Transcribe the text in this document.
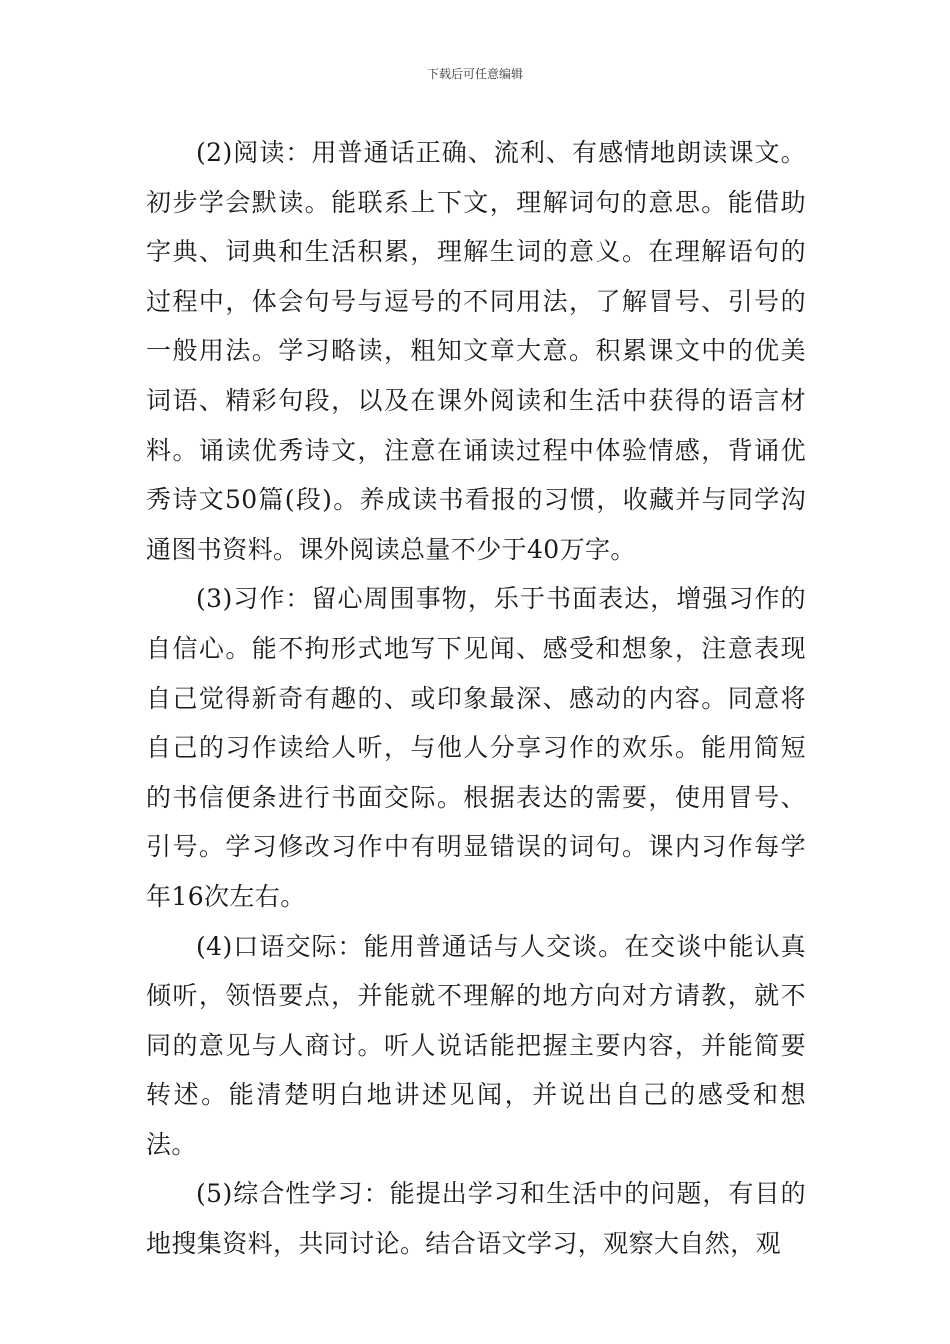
下载后可任意编辑

(2)阅读：用普通话正确、流利、有感情地朗读课文。初步学会默读。能联系上下文，理解词句的意思。能借助字典、词典和生活积累，理解生词的意义。在理解语句的过程中，体会句号与逗号的不同用法，了解冒号、引号的一般用法。学习略读，粗知文章大意。积累课文中的优美词语、精彩句段，以及在课外阅读和生活中获得的语言材料。诵读优秀诗文，注意在诵读过程中体验情感，背诵优秀诗文50篇(段)。养成读书看报的习惯，收藏并与同学沟通图书资料。课外阅读总量不少于40万字。

(3)习作：留心周围事物，乐于书面表达，增强习作的自信心。能不拘形式地写下见闻、感受和想象，注意表现自己觉得新奇有趣的、或印象最深、感动的内容。同意将自己的习作读给人听，与他人分享习作的欢乐。能用简短的书信便条进行书面交际。根据表达的需要，使用冒号、引号。学习修改习作中有明显错误的词句。课内习作每学年16次左右。

(4)口语交际：能用普通话与人交谈。在交谈中能认真倾听，领悟要点，并能就不理解的地方向对方请教，就不同的意见与人商讨。听人说话能把握主要内容，并能简要转述。能清楚明白地讲述见闻，并说出自己的感受和想法。

(5)综合性学习：能提出学习和生活中的问题，有目的地搜集资料，共同讨论。结合语文学习，观察大自然，观
